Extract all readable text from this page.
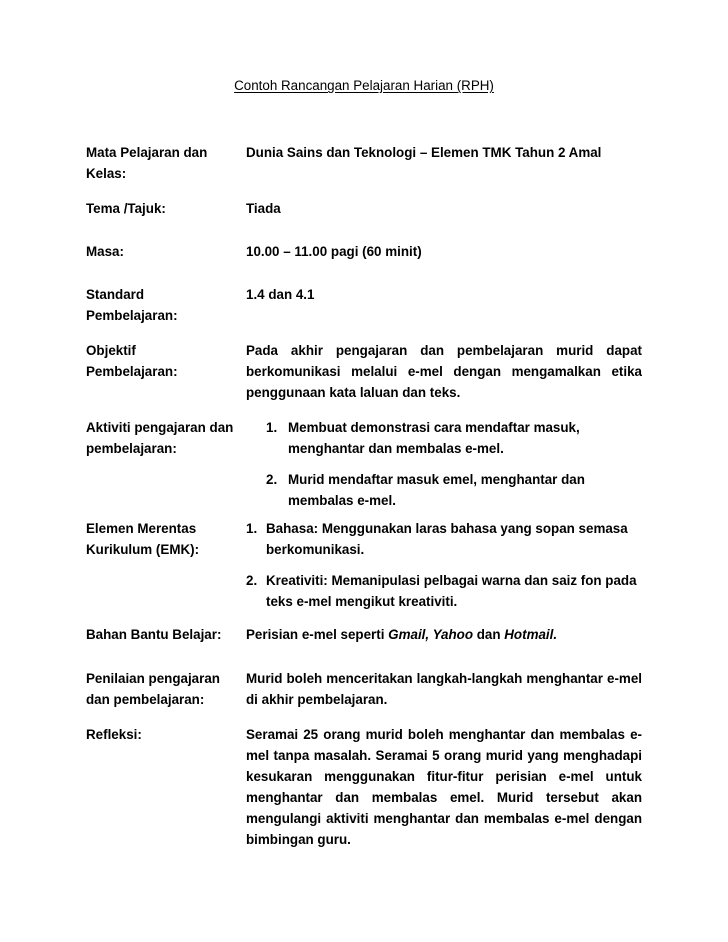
Contoh Rancangan Pelajaran Harian (RPH)
Mata Pelajaran dan Kelas:
Dunia Sains dan Teknologi – Elemen TMK Tahun 2 Amal
Tema /Tajuk:	Tiada
Masa:	10.00 – 11.00 pagi (60 minit)
Standard Pembelajaran:
1.4 dan 4.1
Objektif Pembelajaran:
Pada akhir pengajaran dan pembelajaran murid dapat berkomunikasi melalui e-mel dengan mengamalkan etika penggunaan kata laluan dan teks.
Aktiviti pengajaran dan pembelajaran:
1. Membuat demonstrasi cara mendaftar masuk, menghantar dan membalas e-mel.
2. Murid mendaftar masuk emel, menghantar dan membalas e-mel.
Elemen Merentas Kurikulum (EMK):
1. Bahasa: Menggunakan laras bahasa yang sopan semasa berkomunikasi.
2. Kreativiti: Memanipulasi pelbagai warna dan saiz fon pada teks e-mel mengikut kreativiti.
Bahan Bantu Belajar:	Perisian e-mel seperti Gmail, Yahoo dan Hotmail.
Penilaian pengajaran dan pembelajaran:
Murid boleh menceritakan langkah-langkah menghantar e-mel di akhir pembelajaran.
Refleksi:	Seramai 25 orang murid boleh menghantar dan membalas e-mel tanpa masalah. Seramai 5 orang murid yang menghadapi kesukaran menggunakan fitur-fitur perisian e-mel untuk menghantar dan membalas emel. Murid tersebut akan mengulangi aktiviti menghantar dan membalas e-mel dengan bimbingan guru.
